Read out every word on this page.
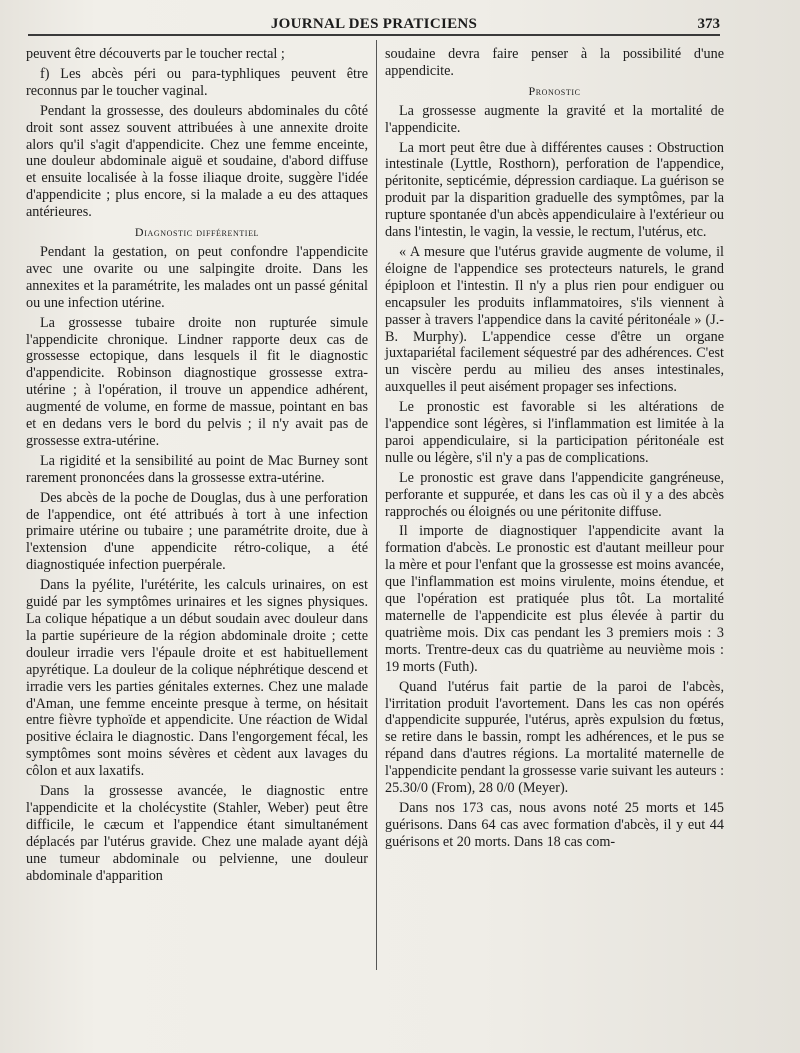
JOURNAL DES PRATICIENS	373

peuvent être découverts par le toucher rectal ;

f) Les abcès péri ou para-typhliques peuvent être reconnus par le toucher vaginal.

Pendant la grossesse, des douleurs abdominales du côté droit sont assez souvent attribuées à une annexite droite alors qu'il s'agit d'appendicite. Chez une femme enceinte, une douleur abdominale aiguë et soudaine, d'abord diffuse et ensuite localisée à la fosse iliaque droite, suggère l'idée d'appendicite ; plus encore, si la malade a eu des attaques antérieures.

Diagnostic différentiel

Pendant la gestation, on peut confondre l'appendicite avec une ovarite ou une salpingite droite. Dans les annexites et la paramétrite, les malades ont un passé génital ou une infection utérine.

La grossesse tubaire droite non rupturée simule l'appendicite chronique. Lindner rapporte deux cas de grossesse ectopique, dans lesquels il fit le diagnostic d'appendicite. Robinson diagnostique grossesse extra-utérine ; à l'opération, il trouve un appendice adhérent, augmenté de volume, en forme de massue, pointant en bas et en dedans vers le bord du pelvis ; il n'y avait pas de grossesse extra-utérine.

La rigidité et la sensibilité au point de Mac Burney sont rarement prononcées dans la grossesse extra-utérine.

Des abcès de la poche de Douglas, dus à une perforation de l'appendice, ont été attribués à tort à une infection primaire utérine ou tubaire ; une paramétrite droite, due à l'extension d'une appendicite rétro-colique, a été diagnostiquée infection puerpérale.

Dans la pyélite, l'urétérite, les calculs urinaires, on est guidé par les symptômes urinaires et les signes physiques. La colique hépatique a un début soudain avec douleur dans la partie supérieure de la région abdominale droite ; cette douleur irradie vers l'épaule droite et est habituellement apyrétique. La douleur de la colique néphrétique descend et irradie vers les parties génitales externes. Chez une malade d'Aman, une femme enceinte presque à terme, on hésitait entre fièvre typhoïde et appendicite. Une réaction de Widal positive éclaira le diagnostic. Dans l'engorgement fécal, les symptômes sont moins sévères et cèdent aux lavages du côlon et aux laxatifs.

Dans la grossesse avancée, le diagnostic entre l'appendicite et la cholécystite (Stahler, Weber) peut être difficile, le cæcum et l'appendice étant simultanément déplacés par l'utérus gravide. Chez une malade ayant déjà une tumeur abdominale ou pelvienne, une douleur abdominale d'apparition

soudaine devra faire penser à la possibilité d'une appendicite.

Pronostic

La grossesse augmente la gravité et la mortalité de l'appendicite.

La mort peut être due à différentes causes : Obstruction intestinale (Lyttle, Rosthorn), perforation de l'appendice, péritonite, septicémie, dépression cardiaque. La guérison se produit par la disparition graduelle des symptômes, par la rupture spontanée d'un abcès appendiculaire à l'extérieur ou dans l'intestin, le vagin, la vessie, le rectum, l'utérus, etc.

« A mesure que l'utérus gravide augmente de volume, il éloigne de l'appendice ses protecteurs naturels, le grand épiploon et l'intestin. Il n'y a plus rien pour endiguer ou encapsuler les produits inflammatoires, s'ils viennent à passer à travers l'appendice dans la cavité péritonéale » (J.-B. Murphy). L'appendice cesse d'être un organe juxtapariétal facilement séquestré par des adhérences. C'est un viscère perdu au milieu des anses intestinales, auxquelles il peut aisément propager ses infections.

Le pronostic est favorable si les altérations de l'appendice sont légères, si l'inflammation est limitée à la paroi appendiculaire, si la participation péritonéale est nulle ou légère, s'il n'y a pas de complications.

Le pronostic est grave dans l'appendicite gangréneuse, perforante et suppurée, et dans les cas où il y a des abcès rapprochés ou éloignés ou une péritonite diffuse.

Il importe de diagnostiquer l'appendicite avant la formation d'abcès. Le pronostic est d'autant meilleur pour la mère et pour l'enfant que la grossesse est moins avancée, que l'inflammation est moins virulente, moins étendue, et que l'opération est pratiquée plus tôt. La mortalité maternelle de l'appendicite est plus élevée à partir du quatrième mois. Dix cas pendant les 3 premiers mois : 3 morts. Trentre-deux cas du quatrième au neuvième mois : 19 morts (Futh).

Quand l'utérus fait partie de la paroi de l'abcès, l'irritation produit l'avortement. Dans les cas non opérés d'appendicite suppurée, l'utérus, après expulsion du fœtus, se retire dans le bassin, rompt les adhérences, et le pus se répand dans d'autres régions. La mortalité maternelle de l'appendicite pendant la grossesse varie suivant les auteurs : 25.30/0 (From), 28 0/0 (Meyer).

Dans nos 173 cas, nous avons noté 25 morts et 145 guérisons. Dans 64 cas avec formation d'abcès, il y eut 44 guérisons et 20 morts. Dans 18 cas com-
